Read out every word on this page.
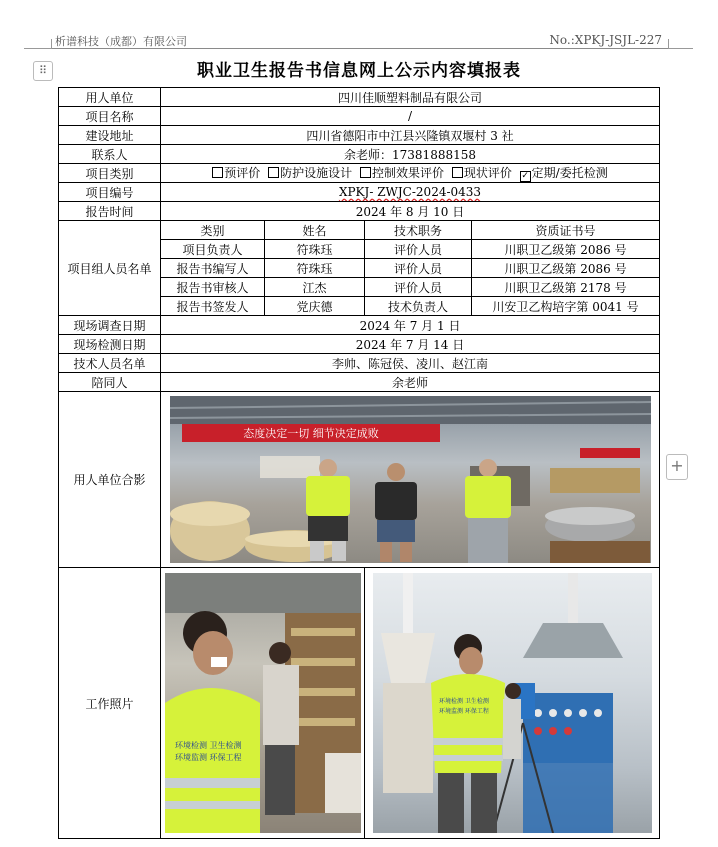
析谱科技（成都）有限公司	No.:XPKJ-JSJL-227
⠿
+
职业卫生报告书信息网上公示内容填报表
用人单位	四川佳顺塑料制品有限公司			
项目名称	/			
建设地址	四川省德阳市中江县兴隆镇双堰村 3 社			
联系人	余老师：17381888158			
项目类别	预评价 防护设施设计 控制效果评价 现状评价 ✓ 定期/委托检测			
项目编号	XPKJ- ZWJC-2024-0433			
报告时间	2024 年 8 月 10 日			
项目组人员名单	类别	姓名	技术职务	资质证书号
	项目负责人	符珠珏	评价人员	川职卫乙级第 2086 号
	报告书编写人	符珠珏	评价人员	川职卫乙级第 2086 号
	报告书审核人	江杰	评价人员	川职卫乙级第 2178 号
	报告书签发人	党庆德	技术负责人	川安卫乙构培字第 0041 号
现场调查日期	2024 年 7 月 1 日			
现场检测日期	2024 年 7 月 14 日			
技术人员名单	李帅、陈冠侯、凌川、赵江南			
陪同人	余老师			
用人单位合影	态度决定一切 细节决定成败			

工作照片	环境检测 卫生检测
环境监测 环保工程		环境检测 卫生检测
环境监测 环保工程	
